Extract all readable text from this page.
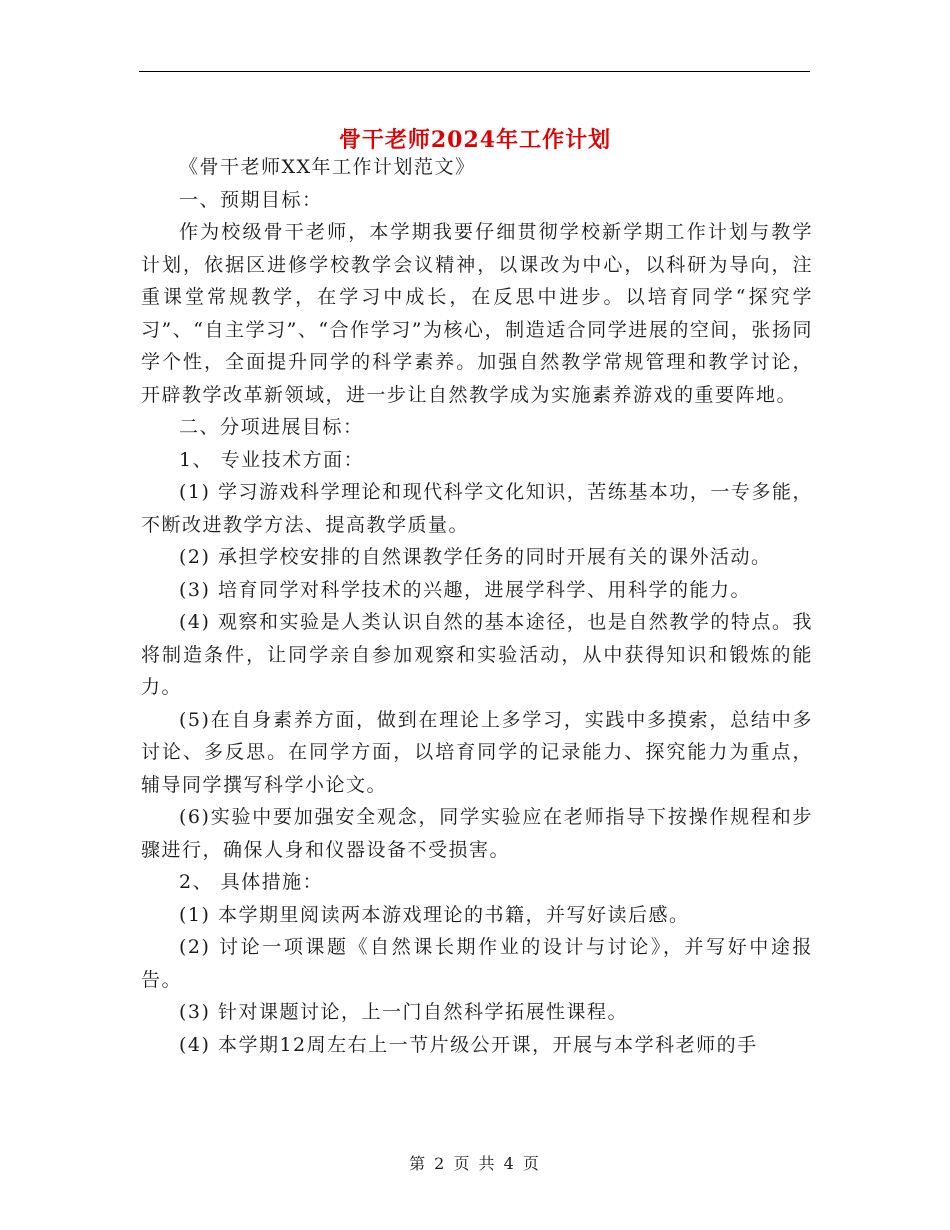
骨干老师2024年工作计划

《骨干老师XX年工作计划范文》

一、预期目标：

作为校级骨干老师，本学期我要仔细贯彻学校新学期工作计划与教学计划，依据区进修学校教学会议精神，以课改为中心，以科研为导向，注重课堂常规教学，在学习中成长，在反思中进步。以培育同学“探究学习”、“自主学习”、“合作学习”为核心，制造适合同学进展的空间，张扬同学个性，全面提升同学的科学素养。加强自然教学常规管理和教学讨论，开辟教学改革新领域，进一步让自然教学成为实施素养游戏的重要阵地。

二、分项进展目标：

1、 专业技术方面：

(1) 学习游戏科学理论和现代科学文化知识，苦练基本功，一专多能，不断改进教学方法、提高教学质量。

(2) 承担学校安排的自然课教学任务的同时开展有关的课外活动。

(3) 培育同学对科学技术的兴趣，进展学科学、用科学的能力。

(4) 观察和实验是人类认识自然的基本途径，也是自然教学的特点。我将制造条件，让同学亲自参加观察和实验活动，从中获得知识和锻炼的能力。

(5)在自身素养方面，做到在理论上多学习，实践中多摸索，总结中多讨论、多反思。在同学方面，以培育同学的记录能力、探究能力为重点，辅导同学撰写科学小论文。

(6)实验中要加强安全观念，同学实验应在老师指导下按操作规程和步骤进行，确保人身和仪器设备不受损害。

2、 具体措施：

(1) 本学期里阅读两本游戏理论的书籍，并写好读后感。

(2) 讨论一项课题《自然课长期作业的设计与讨论》，并写好中途报告。

(3) 针对课题讨论，上一门自然科学拓展性课程。

(4) 本学期12周左右上一节片级公开课，开展与本学科老师的手

第 2 页 共 4 页
